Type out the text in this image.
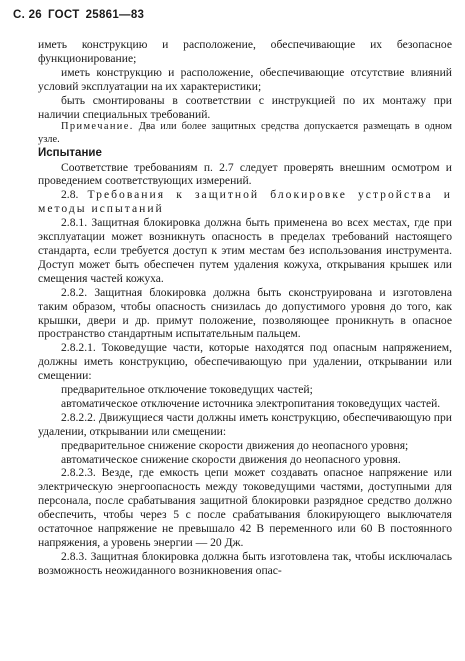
С. 26 ГОСТ 25861—83

иметь конструкцию и расположение, обеспечивающие их безопасное функционирование;

иметь конструкцию и расположение, обеспечивающие отсутствие влияний условий эксплуатации на их характеристики;

быть смонтированы в соответствии с инструкцией по их монтажу при наличии специальных требований.

Примечание. Два или более защитных средства допускается размещать в одном узле.

Испытание

Соответствие требованиям п. 2.7 следует проверять внешним осмотром и проведением соответствующих измерений.

2.8. Требования к защитной блокировке устройства и методы испытаний

2.8.1. Защитная блокировка должна быть применена во всех местах, где при эксплуатации может возникнуть опасность в пределах требований настоящего стандарта, если требуется доступ к этим местам без использования инструмента. Доступ может быть обеспечен путем удаления кожуха, открывания крышек или смещения частей кожуха.

2.8.2. Защитная блокировка должна быть сконструирована и изготовлена таким образом, чтобы опасность снизилась до допустимого уровня до того, как крышки, двери и др. примут положение, позволяющее проникнуть в опасное пространство стандартным испытательным пальцем.

2.8.2.1. Токоведущие части, которые находятся под опасным напряжением, должны иметь конструкцию, обеспечивающую при удалении, открывании или смещении:

предварительное отключение токоведущих частей;

автоматическое отключение источника электропитания токоведущих частей.

2.8.2.2. Движущиеся части должны иметь конструкцию, обеспечивающую при удалении, открывании или смещении:

предварительное снижение скорости движения до неопасного уровня;

автоматическое снижение скорости движения до неопасного уровня.

2.8.2.3. Везде, где емкость цепи может создавать опасное напряжение или электрическую энергоопасность между токоведущими частями, доступными для персонала, после срабатывания защитной блокировки разрядное средство должно обеспечить, чтобы через 5 с после срабатывания блокирующего выключателя остаточное напряжение не превышало 42 В переменного или 60 В постоянного напряжения, а уровень энергии — 20 Дж.

2.8.3. Защитная блокировка должна быть изготовлена так, чтобы исключалась возможность неожиданного возникновения опас-
